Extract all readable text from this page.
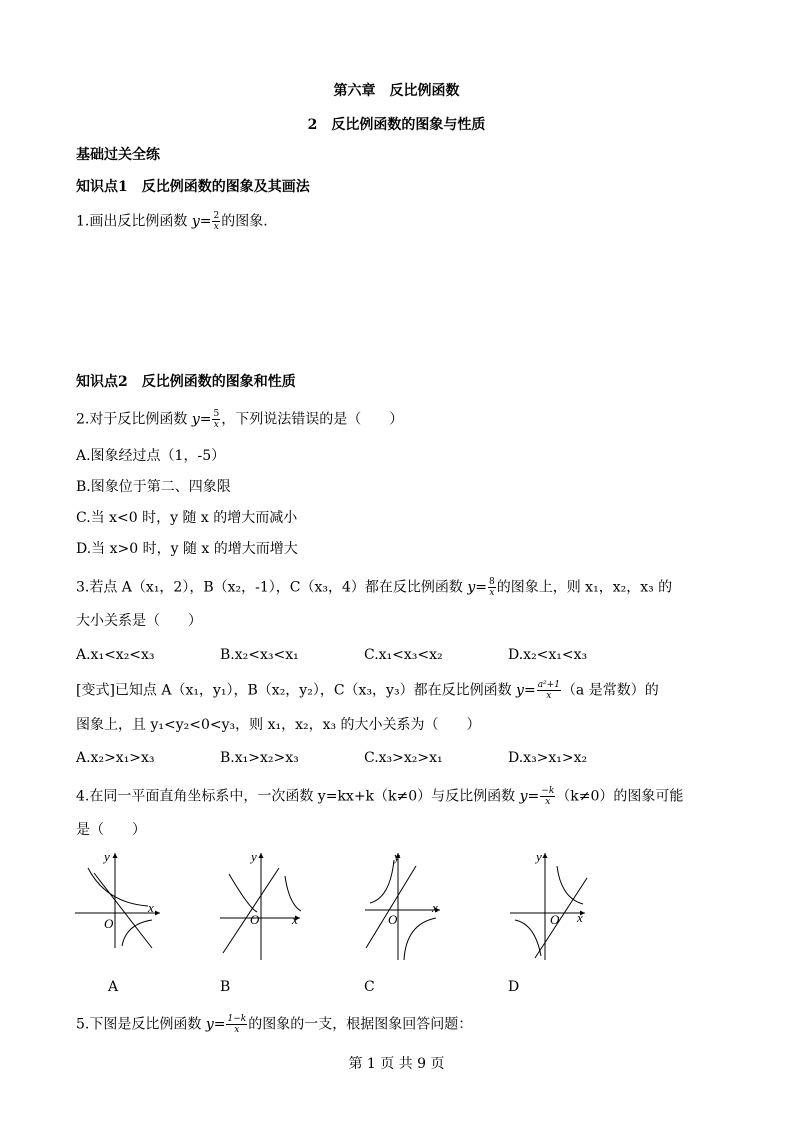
第六章　反比例函数
2　反比例函数的图象与性质
基础过关全练
知识点1　反比例函数的图象及其画法
1.画出反比例函数 $y= \frac{2}{x}$ 的图象.
知识点2　反比例函数的图象和性质
2.对于反比例函数 $y= \frac{5}{x}$ ，下列说法错误的是（　　）
A.图象经过点（1，-5）
B.图象位于第二、四象限
C.当 x<0 时，y 随 x 的增大而减小
D.当 x>0 时，y 随 x 的增大而增大
3.若点 A（x₁，2），B（x₂，-1），C（x₃，4）都在反比例函数 $y= \frac{8}{x}$ 的图象上，则 x₁，x₂，x₃ 的
大小关系是（　　）
A.x₁<x₂<x₃	B.x₂<x₃<x₁	C.x₁<x₃<x₂	D.x₂<x₁<x₃
[变式]已知点 A（x₁，y₁），B（x₂，y₂），C（x₃，y₃）都在反比例函数 $y= \frac{\text{a²+1}}{x} (a$ 是常数）的
图象上，且 y₁<y₂<0<y₃，则 x₁，x₂，x₃ 的大小关系为（　　）
A.x₂>x₁>x₃	B.x₁>x₂>x₃	C.x₃>x₂>x₁	D.x₃>x₁>x₂
4.在同一平面直角坐标系中，一次函数 y=kx+k（k≠0）与反比例函数 $y= \frac{-k}{x} (k\ne 0)$的图象可能
是（　　）
y
x
O
y
x
O
y
x
O
y
x
O
A	B	C	D
5.下图是反比例函数 $y= \frac{1-k}{x}$ 的图象的一支，根据图象回答问题：
第 1 页 共 9 页
